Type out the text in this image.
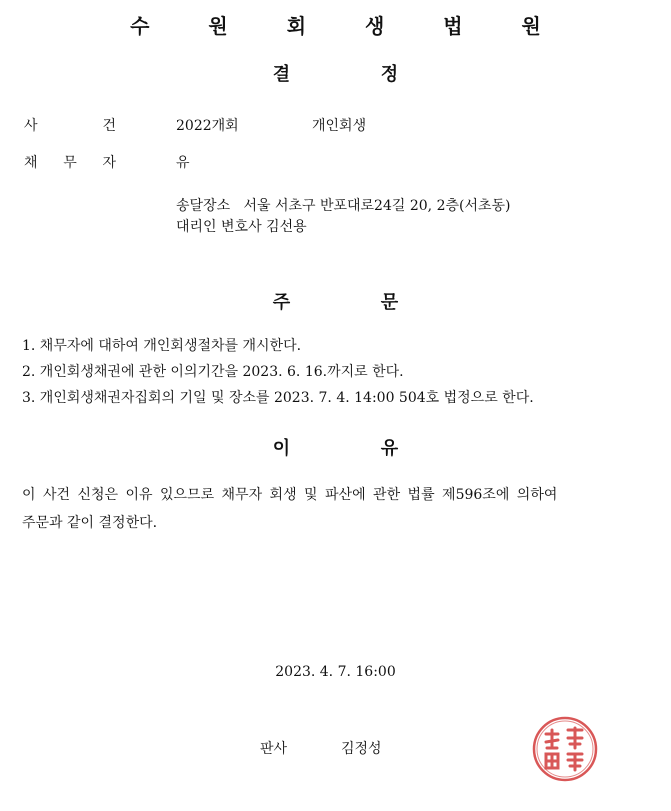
수 원 회 생 법 원
결	정
사	건	2022개회	개인회생
채 무 자	유
송달장소   서울 서초구 반포대로24길 20, 2층(서초동)
대리인 변호사 김선용
주	문
1. 채무자에 대하여 개인회생절차를 개시한다.
2. 개인회생채권에 관한 이의기간을 2023. 6. 16.까지로 한다.
3. 개인회생채권자집회의 기일 및 장소를 2023. 7. 4. 14:00 504호 법정으로 한다.
이	유
이 사건 신청은 이유 있으므로 채무자 회생 및 파산에 관한 법률 제596조에 의하여
주문과 같이 결정한다.
2023. 4. 7. 16:00
판사	김정성
